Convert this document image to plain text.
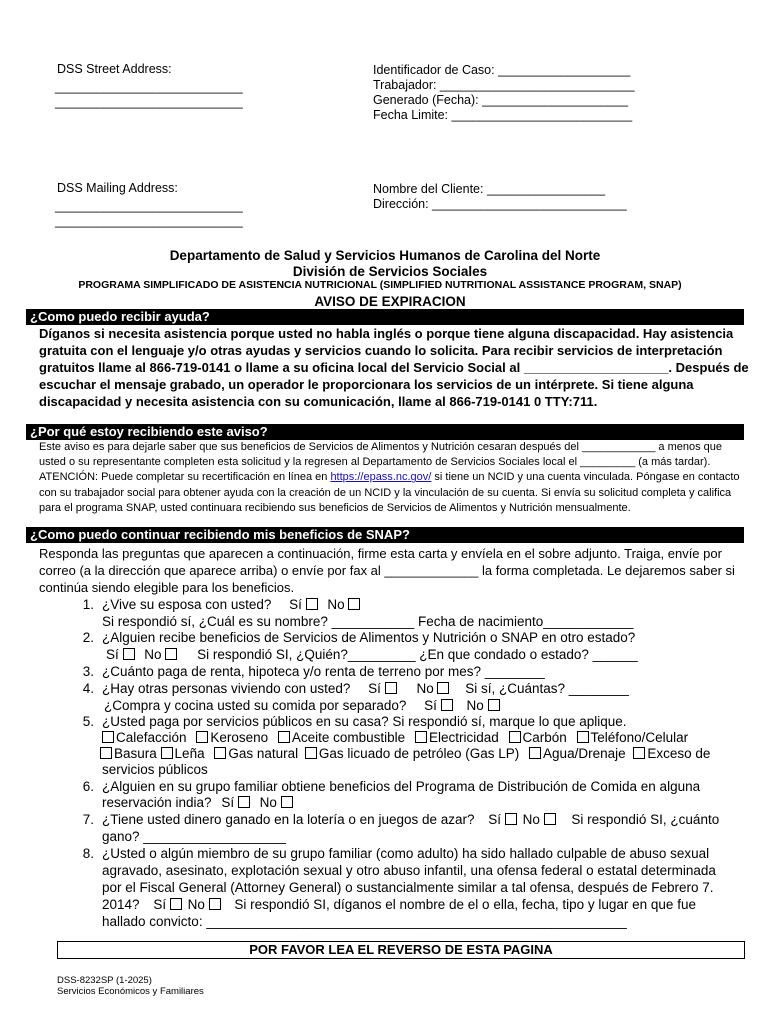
DSS Street Address:
___________________________
___________________________
Identificador de Caso: ___________________
Trabajador: ____________________________
Generado (Fecha): _____________________
Fecha Limite: __________________________
DSS Mailing Address:
___________________________
___________________________
Nombre del Cliente: _________________
Dirección: ____________________________
Departamento de Salud y Servicios Humanos de Carolina del Norte
División de Servicios Sociales
PROGRAMA SIMPLIFICADO DE ASISTENCIA NUTRICIONAL (SIMPLIFIED NUTRITIONAL ASSISTANCE PROGRAM, SNAP)
AVISO DE EXPIRACION
¿Como puedo recibir ayuda?
Díganos si necesita asistencia porque usted no habla inglés o porque tiene alguna discapacidad. Hay asistencia gratuita con el lenguaje y/o otras ayudas y servicios cuando lo solicita. Para recibir servicios de interpretación gratuitos llame al 866-719-0141 o llame a su oficina local del Servicio Social al ____________________. Después de escuchar el mensaje grabado, un operador le proporcionara los servicios de un intérprete. Si tiene alguna discapacidad y necesita asistencia con su comunicación, llame al 866-719-0141 0 TTY:711.
¿Por qué estoy recibiendo este aviso?
Este aviso es para dejarle saber que sus beneficios de Servicios de Alimentos y Nutrición cesaran después del ____________ a menos que usted o su representante completen esta solicitud y la regresen al Departamento de Servicios Sociales local el _________ (a más tardar). ATENCIÓN: Puede completar su recertificación en línea en https://epass.nc.gov/ si tiene un NCID y una cuenta vinculada. Póngase en contacto con su trabajador social para obtener ayuda con la creación de un NCID y la vinculación de su cuenta. Si envía su solicitud completa y califica para el programa SNAP, usted continuara recibiendo sus beneficios de Servicios de Alimentos y Nutrición mensualmente.
¿Como puedo continuar recibiendo mis beneficios de SNAP?
Responda las preguntas que aparecen a continuación, firme esta carta y envíela en el sobre adjunto. Traiga, envíe por correo (a la dirección que aparece arriba) o envíe por fax al _____________ la forma completada. Le dejaremos saber si continúa siendo elegible para los beneficios.
1. ¿Vive su esposa con usted? Sí No
Si respondió sí, ¿Cuál es su nombre? ___________ Fecha de nacimiento____________
2. ¿Alguien recibe beneficios de Servicios de Alimentos y Nutrición o SNAP en otro estado?
Sí No	Si respondió SI, ¿Quién?_________ ¿En que condado o estado? ______
3. ¿Cuánto paga de renta, hipoteca y/o renta de terreno por mes? ________
4. ¿Hay otras personas viviendo con usted? Sí	No Si sí, ¿Cuántas? ________
¿Compra y cocina usted su comida por separado? Sí No
5. ¿Usted paga por servicios públicos en su casa? Si respondió sí, marque lo que aplique.
Calefacción Keroseno Aceite combustible Electricidad Carbón Teléfono/Celular
Basura Leña Gas natural Gas licuado de petróleo (Gas LP) Agua/Drenaje Exceso de
servicios públicos
6. ¿Alguien en su grupo familiar obtiene beneficios del Programa de Distribución de Comida en alguna
reservación india? Sí No
7. ¿Tiene usted dinero ganado en la lotería o en juegos de azar? Sí No Si respondió SI, ¿cuánto
gano? ___________________
8. ¿Usted o algún miembro de su grupo familiar (como adulto) ha sido hallado culpable de abuso sexual
agravado, asesinato, explotación sexual y otro abuso infantil, una ofensa federal o estatal determinada
por el Fiscal General (Attorney General) o sustancialmente similar a tal ofensa, después de Febrero 7.
2014? Sí No Si respondió SI, díganos el nombre de el o ella, fecha, tipo y lugar en que fue
hallado convicto: ________________________________________________________
POR FAVOR LEA EL REVERSO DE ESTA PAGINA
DSS-8232SP (1-2025)
Servicios Económicos y Familiares
